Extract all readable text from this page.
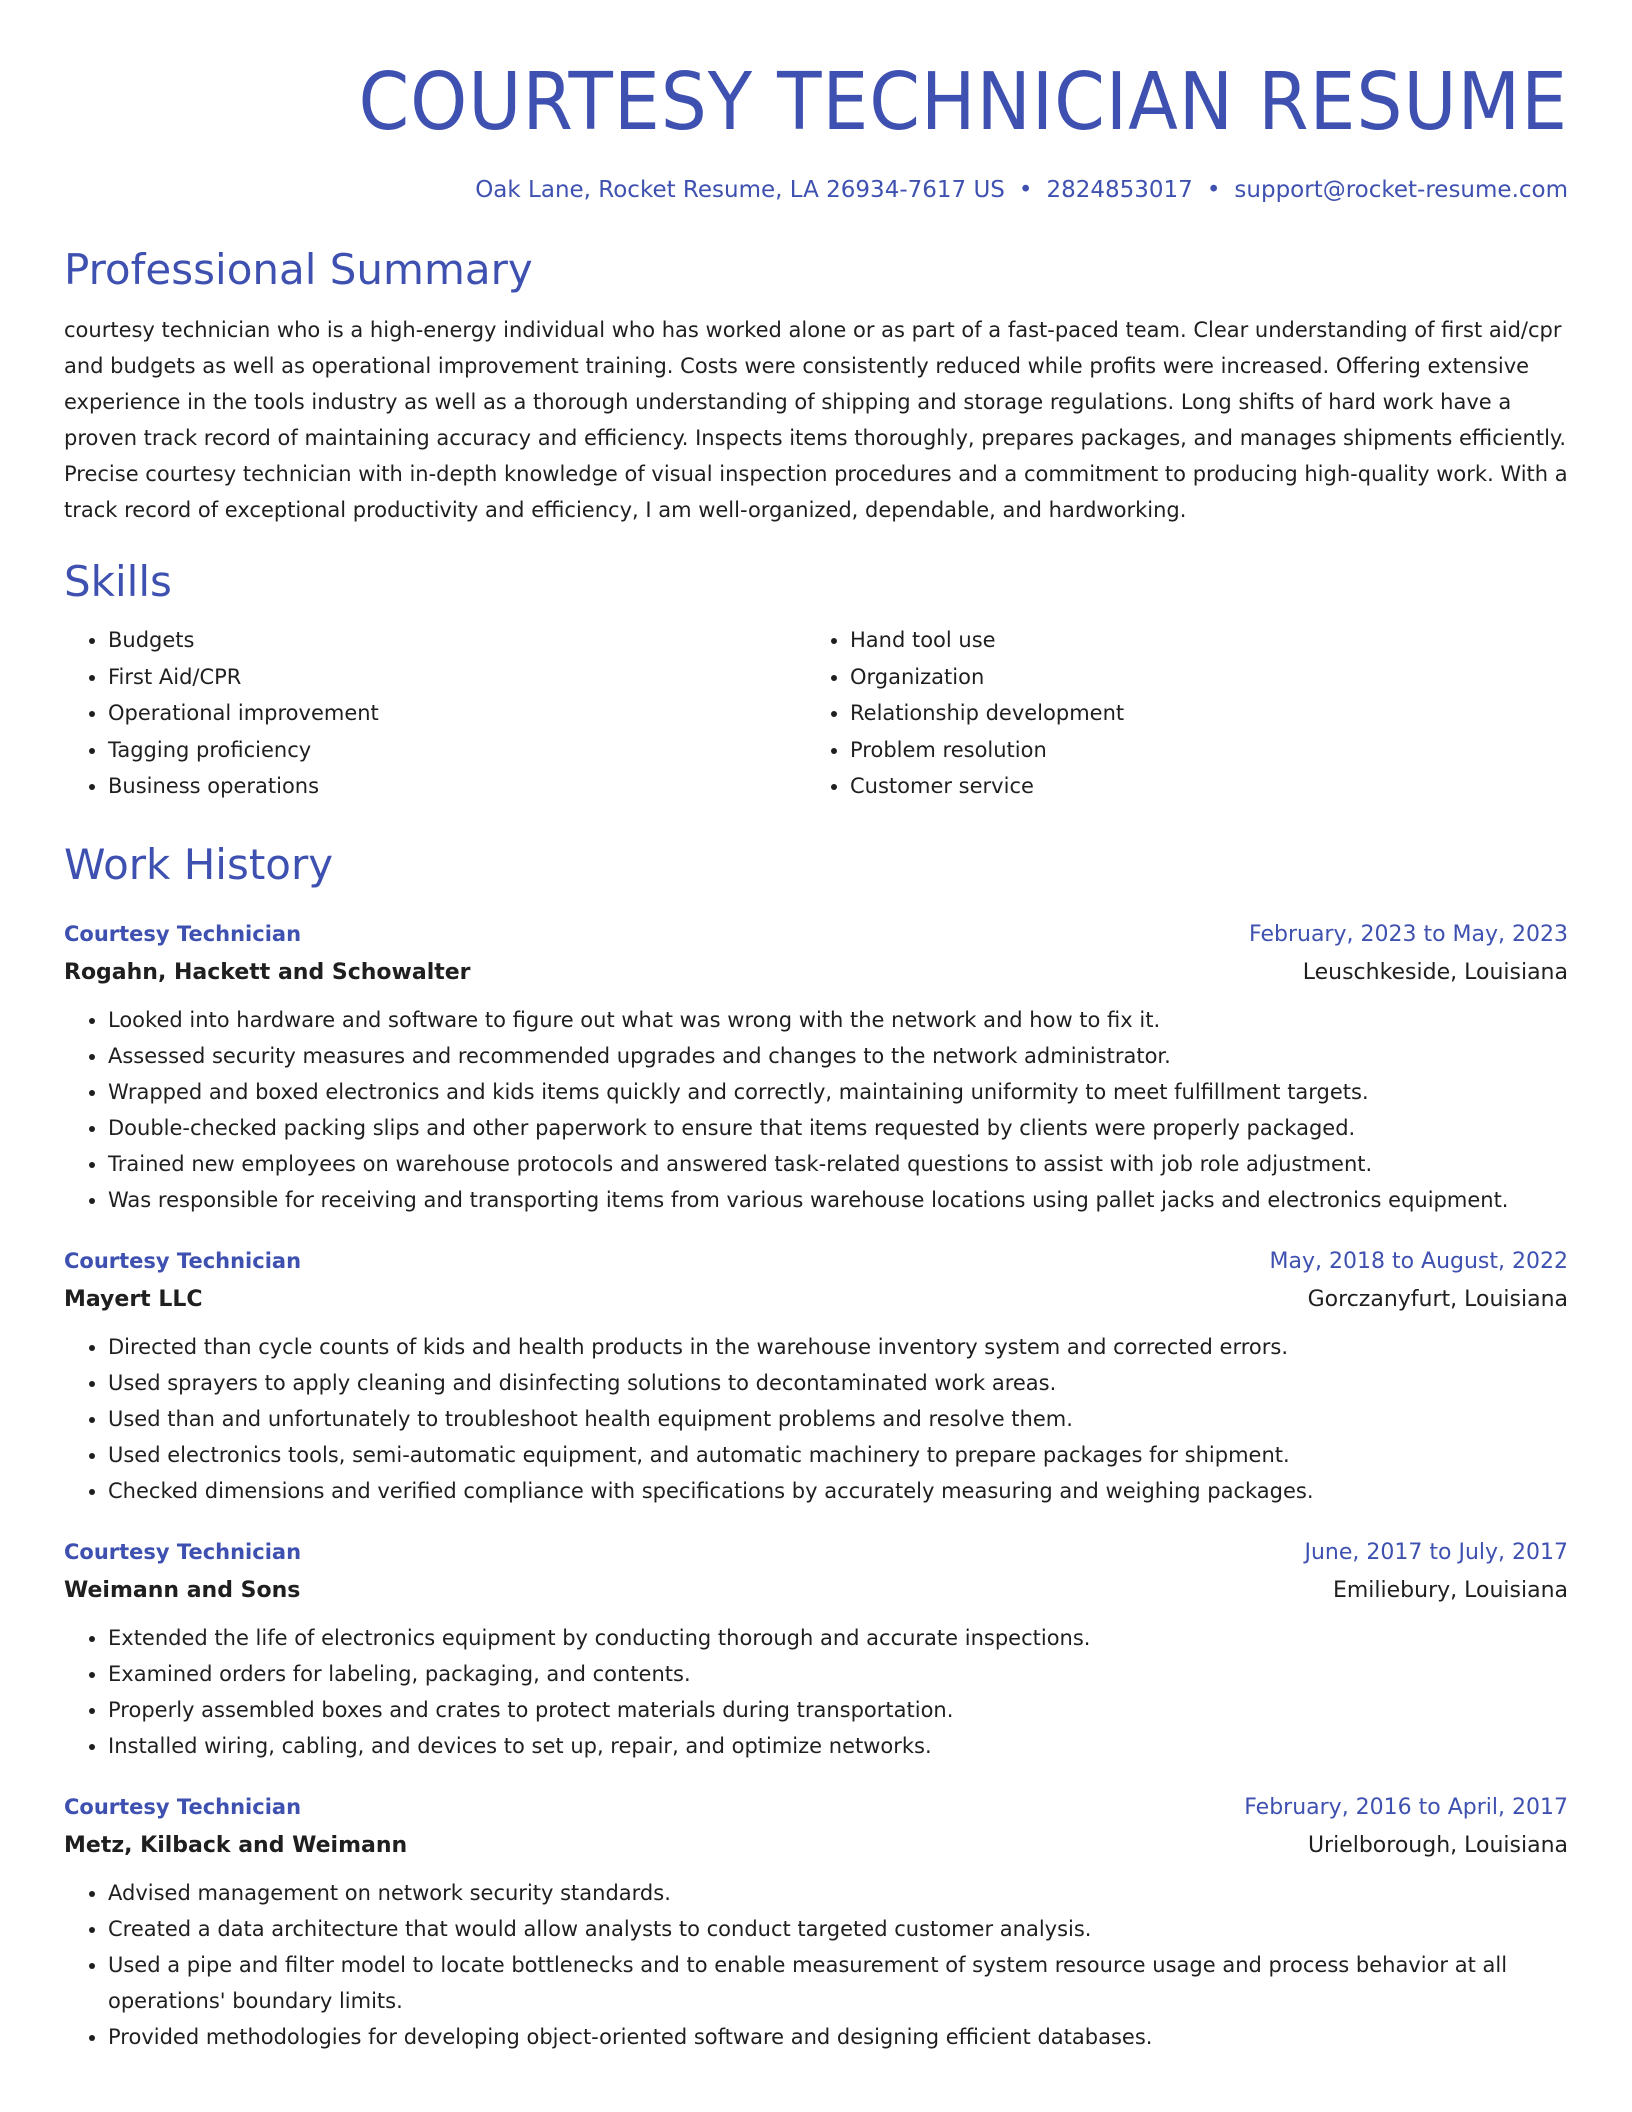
COURTESY TECHNICIAN RESUME
Oak Lane, Rocket Resume, LA 26934-7617 US • 2824853017 • support@rocket-resume.com
Professional Summary
courtesy technician who is a high-energy individual who has worked alone or as part of a fast-paced team. Clear understanding of first aid/cpr and budgets as well as operational improvement training. Costs were consistently reduced while profits were increased. Offering extensive experience in the tools industry as well as a thorough understanding of shipping and storage regulations. Long shifts of hard work have a proven track record of maintaining accuracy and efficiency. Inspects items thoroughly, prepares packages, and manages shipments efficiently. Precise courtesy technician with in-depth knowledge of visual inspection procedures and a commitment to producing high-quality work. With a track record of exceptional productivity and efficiency, I am well-organized, dependable, and hardworking.
Skills
• Budgets
• First Aid/CPR
• Operational improvement
• Tagging proficiency
• Business operations
• Hand tool use
• Organization
• Relationship development
• Problem resolution
• Customer service
Work History
Courtesy Technician	February, 2023 to May, 2023
Rogahn, Hackett and Schowalter	Leuschkeside, Louisiana
• Looked into hardware and software to figure out what was wrong with the network and how to fix it.
• Assessed security measures and recommended upgrades and changes to the network administrator.
• Wrapped and boxed electronics and kids items quickly and correctly, maintaining uniformity to meet fulfillment targets.
• Double-checked packing slips and other paperwork to ensure that items requested by clients were properly packaged.
• Trained new employees on warehouse protocols and answered task-related questions to assist with job role adjustment.
• Was responsible for receiving and transporting items from various warehouse locations using pallet jacks and electronics equipment.
Courtesy Technician	May, 2018 to August, 2022
Mayert LLC	Gorczanyfurt, Louisiana
• Directed than cycle counts of kids and health products in the warehouse inventory system and corrected errors.
• Used sprayers to apply cleaning and disinfecting solutions to decontaminated work areas.
• Used than and unfortunately to troubleshoot health equipment problems and resolve them.
• Used electronics tools, semi-automatic equipment, and automatic machinery to prepare packages for shipment.
• Checked dimensions and verified compliance with specifications by accurately measuring and weighing packages.
Courtesy Technician	June, 2017 to July, 2017
Weimann and Sons	Emiliebury, Louisiana
• Extended the life of electronics equipment by conducting thorough and accurate inspections.
• Examined orders for labeling, packaging, and contents.
• Properly assembled boxes and crates to protect materials during transportation.
• Installed wiring, cabling, and devices to set up, repair, and optimize networks.
Courtesy Technician	February, 2016 to April, 2017
Metz, Kilback and Weimann	Urielborough, Louisiana
• Advised management on network security standards.
• Created a data architecture that would allow analysts to conduct targeted customer analysis.
• Used a pipe and filter model to locate bottlenecks and to enable measurement of system resource usage and process behavior at all operations' boundary limits.
• Provided methodologies for developing object-oriented software and designing efficient databases.
